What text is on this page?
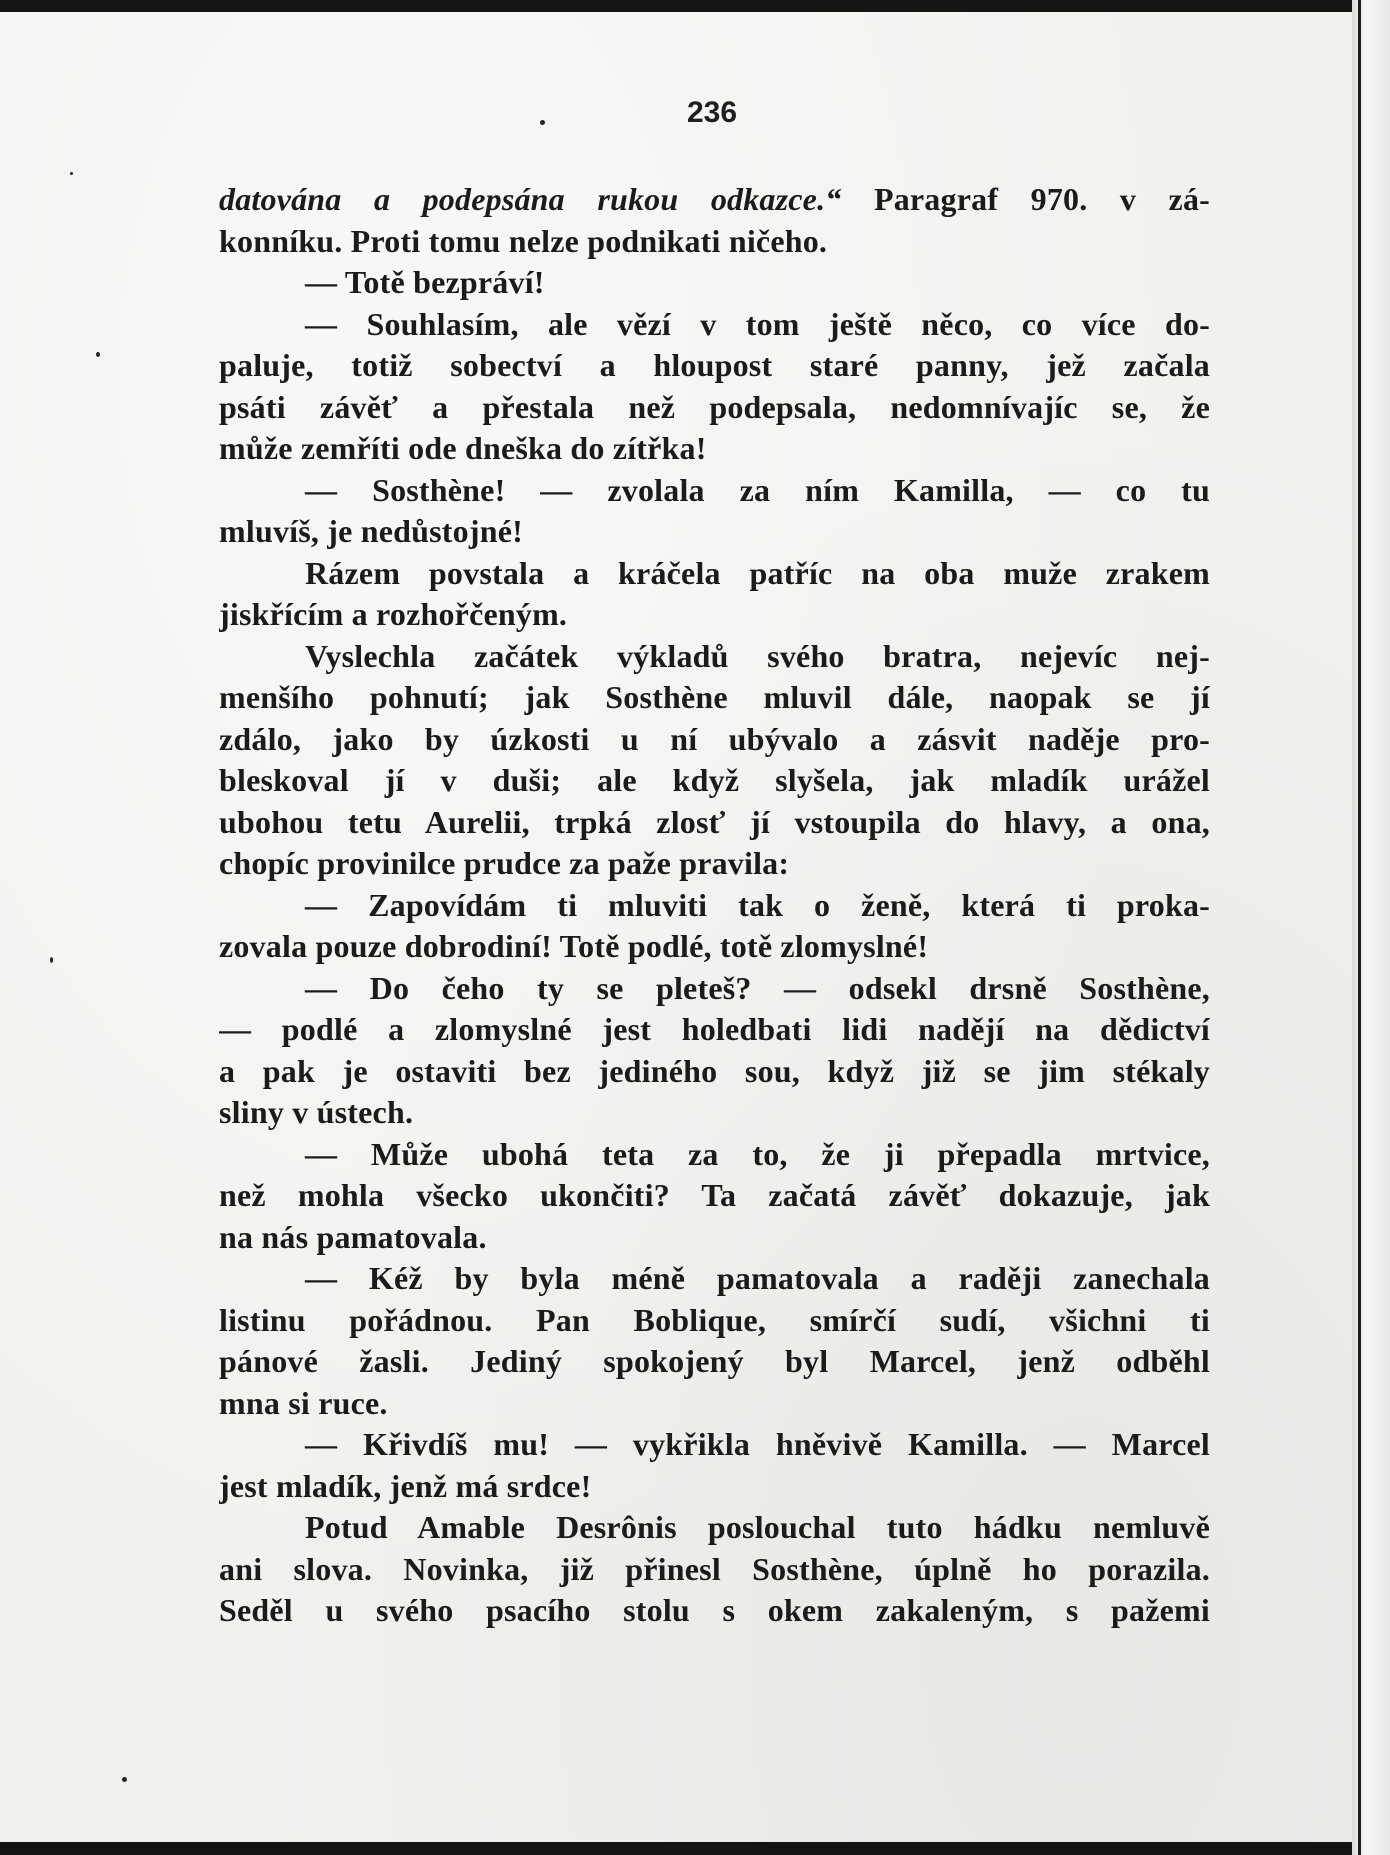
236
datována a podepsána rukou odkazce.“ Paragraf 970. v zá-
konníku. Proti tomu nelze podnikati ničeho.
— Totě bezpráví!
— Souhlasím, ale vězí v tom ještě něco, co více do-
paluje, totiž sobectví a hloupost staré panny, jež začala
psáti závěť a přestala než podepsala, nedomnívajíc se, že
může zemříti ode dneška do zítřka!
— Sosthène! — zvolala za ním Kamilla, — co tu
mluvíš, je nedůstojné!
Rázem povstala a kráčela patříc na oba muže zrakem
jiskřícím a rozhořčeným.
Vyslechla začátek výkladů svého bratra, nejevíc nej-
menšího pohnutí; jak Sosthène mluvil dále, naopak se jí
zdálo, jako by úzkosti u ní ubývalo a zásvit naděje pro-
bleskoval jí v duši; ale když slyšela, jak mladík urážel
ubohou tetu Aurelii, trpká zlosť jí vstoupila do hlavy, a ona,
chopíc provinilce prudce za paže pravila:
— Zapovídám ti mluviti tak o ženě, která ti proka-
zovala pouze dobrodiní! Totě podlé, totě zlomyslné!
— Do čeho ty se pleteš? — odsekl drsně Sosthène,
— podlé a zlomyslné jest holedbati lidi nadějí na dědictví
a pak je ostaviti bez jediného sou, když již se jim stékaly
sliny v ústech.
— Může ubohá teta za to, že ji přepadla mrtvice,
než mohla všecko ukončiti? Ta začatá závěť dokazuje, jak
na nás pamatovala.
— Kéž by byla méně pamatovala a raději zanechala
listinu pořádnou. Pan Boblique, smírčí sudí, všichni ti
pánové žasli. Jediný spokojený byl Marcel, jenž odběhl
mna si ruce.
— Křivdíš mu! — vykřikla hněvivě Kamilla. — Marcel
jest mladík, jenž má srdce!
Potud Amable Desrônis poslouchal tuto hádku nemluvě
ani slova. Novinka, již přinesl Sosthène, úplně ho porazila.
Seděl u svého psacího stolu s okem zakaleným, s pažemi
